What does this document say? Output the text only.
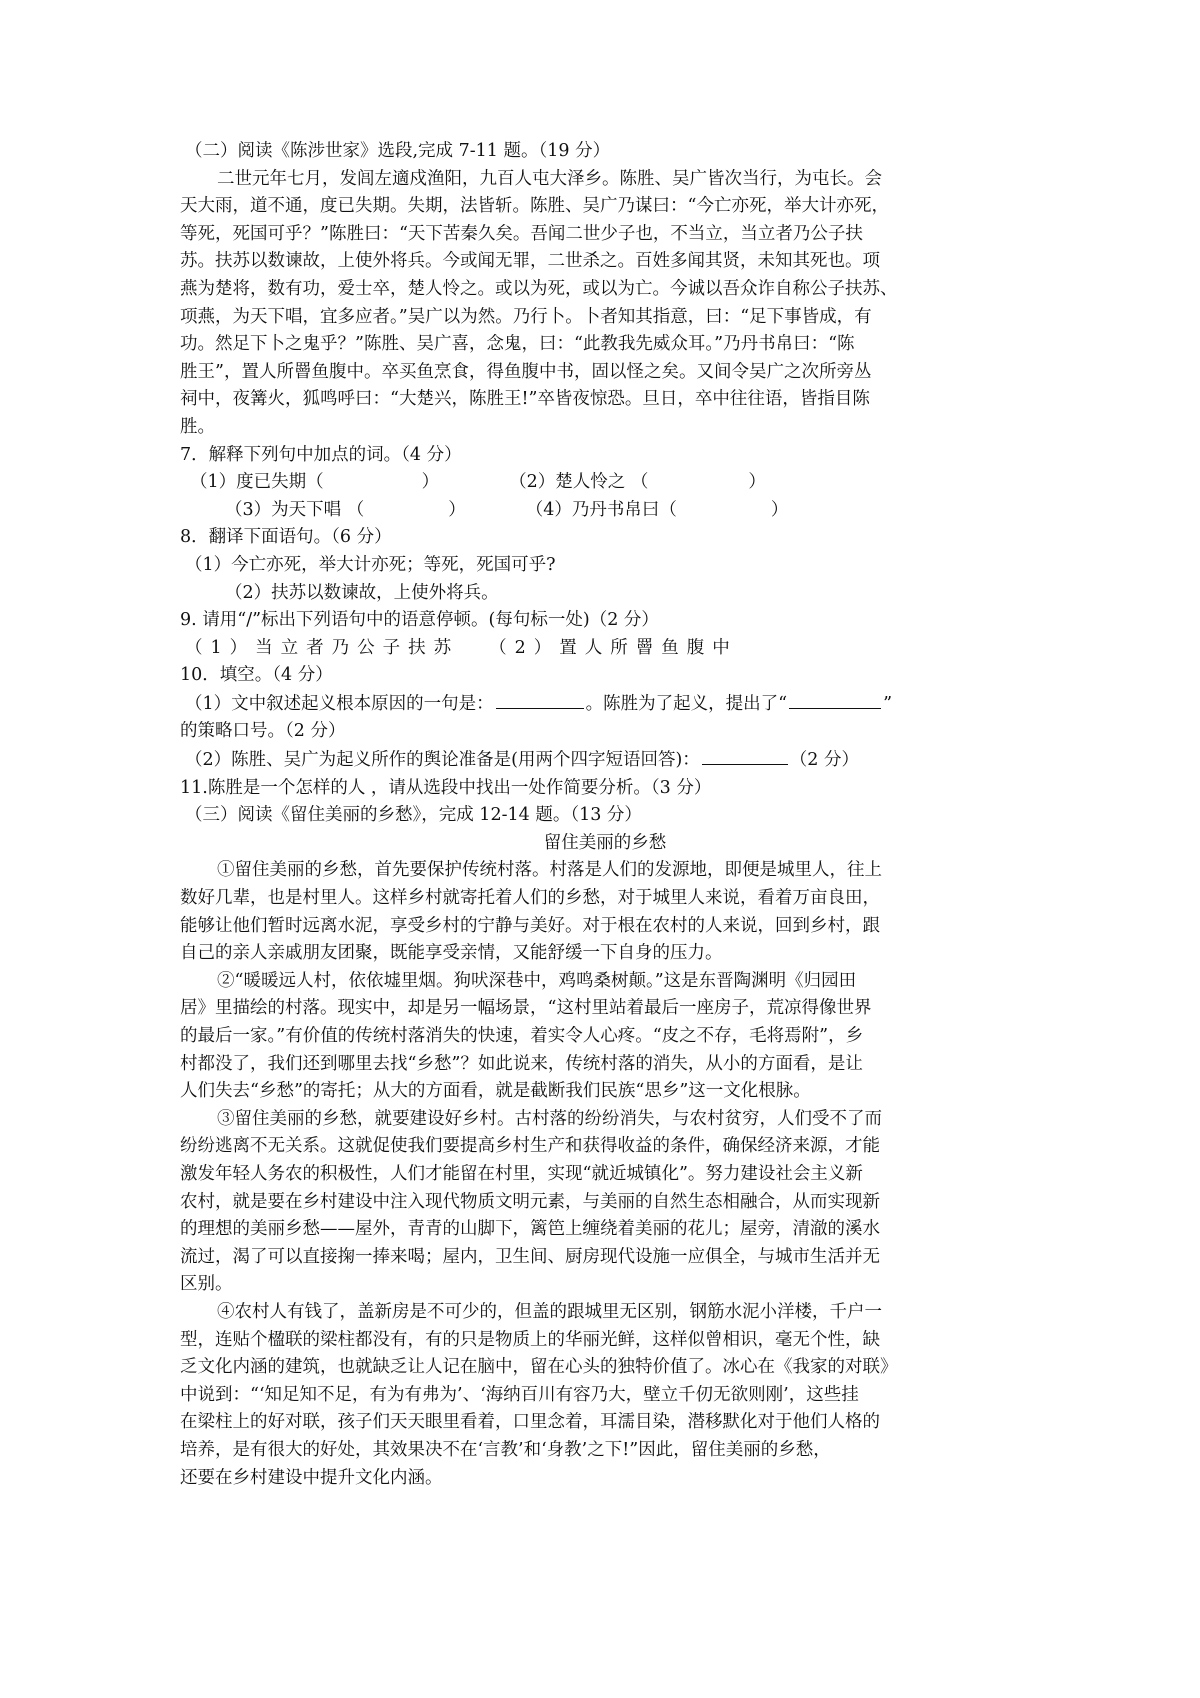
（二）阅读《陈涉世家》选段,完成 7-11 题。（19 分）
二世元年七月，发闾左適戍渔阳，九百人屯大泽乡。陈胜、吴广皆次当行，为屯长。会
天大雨，道不通，度已失期。失期，法皆斩。陈胜、吴广乃谋曰：“今亡亦死，举大计亦死，
等死，死国可乎？”陈胜曰：“天下苦秦久矣。吾闻二世少子也，不当立，当立者乃公子扶
苏。扶苏以数谏故，上使外将兵。今或闻无罪，二世杀之。百姓多闻其贤，未知其死也。项
燕为楚将，数有功，爱士卒，楚人怜之。或以为死，或以为亡。今诚以吾众诈自称公子扶苏、
项燕，为天下唱，宜多应者。”吴广以为然。乃行卜。卜者知其指意，曰：“足下事皆成，有
功。然足下卜之鬼乎？”陈胜、吴广喜，念鬼，曰：“此教我先威众耳。”乃丹书帛曰：“陈
胜王”，置人所罾鱼腹中。卒买鱼烹食，得鱼腹中书，固以怪之矣。又间令吴广之次所旁丛
祠中，夜篝火，狐鸣呼曰：“大楚兴，陈胜王!”卒皆夜惊恐。旦日，卒中往往语，皆指目陈
胜。
7．解释下列句中加点的词。（4 分）
（1）度已失期（	）	（2）楚人怜之 （	）
（3）为天下唱 （	）	（4）乃丹书帛曰（	）
8．翻译下面语句。（6 分）
（1）今亡亦死，举大计亦死；等死，死国可乎?
（2）扶苏以数谏故，上使外将兵。
9. 请用“/”标出下列语句中的语意停顿。(每句标一处)（2 分）
（1）当立者乃公子扶苏 （2）置人所罾鱼腹中
10．填空。（4 分）
（1）文中叙述起义根本原因的一句是：	。陈胜为了起义，提出了“	”
的策略口号。（2 分）
（2）陈胜、吴广为起义所作的舆论准备是(用两个四字短语回答)：	（2 分）
11.陈胜是一个怎样的人 ，请从选段中找出一处作简要分析。（3 分）
（三）阅读《留住美丽的乡愁》，完成 12-14 题。（13 分）
留住美丽的乡愁
①留住美丽的乡愁，首先要保护传统村落。村落是人们的发源地，即便是城里人，往上
数好几辈，也是村里人。这样乡村就寄托着人们的乡愁，对于城里人来说，看着万亩良田，
能够让他们暂时远离水泥，享受乡村的宁静与美好。对于根在农村的人来说，回到乡村，跟
自己的亲人亲戚朋友团聚，既能享受亲情，又能舒缓一下自身的压力。
②“暖暖远人村，依依墟里烟。狗吠深巷中，鸡鸣桑树颠。”这是东晋陶渊明《归园田
居》里描绘的村落。现实中，却是另一幅场景，“这村里站着最后一座房子，荒凉得像世界
的最后一家。”有价值的传统村落消失的快速，着实令人心疼。“皮之不存，毛将焉附”，乡
村都没了，我们还到哪里去找“乡愁”？如此说来，传统村落的消失，从小的方面看，是让
人们失去“乡愁”的寄托；从大的方面看，就是截断我们民族“思乡”这一文化根脉。
③留住美丽的乡愁，就要建设好乡村。古村落的纷纷消失，与农村贫穷，人们受不了而
纷纷逃离不无关系。这就促使我们要提高乡村生产和获得收益的条件，确保经济来源，才能
激发年轻人务农的积极性，人们才能留在村里，实现“就近城镇化”。努力建设社会主义新
农村，就是要在乡村建设中注入现代物质文明元素，与美丽的自然生态相融合，从而实现新
的理想的美丽乡愁——屋外，青青的山脚下，篱笆上缠绕着美丽的花儿；屋旁，清澈的溪水
流过，渴了可以直接掬一捧来喝；屋内，卫生间、厨房现代设施一应俱全，与城市生活并无
区别。
④农村人有钱了，盖新房是不可少的，但盖的跟城里无区别，钢筋水泥小洋楼，千户一
型，连贴个楹联的梁柱都没有，有的只是物质上的华丽光鲜，这样似曾相识，毫无个性，缺
乏文化内涵的建筑，也就缺乏让人记在脑中，留在心头的独特价值了。冰心在《我家的对联》
中说到：“‘知足知不足，有为有弗为’、‘海纳百川有容乃大，壁立千仞无欲则刚’，这些挂
在梁柱上的好对联，孩子们天天眼里看着，口里念着，耳濡目染，潜移默化对于他们人格的
培养，是有很大的好处，其效果决不在‘言教’和‘身教’之下!”因此，留住美丽的乡愁，
还要在乡村建设中提升文化内涵。
